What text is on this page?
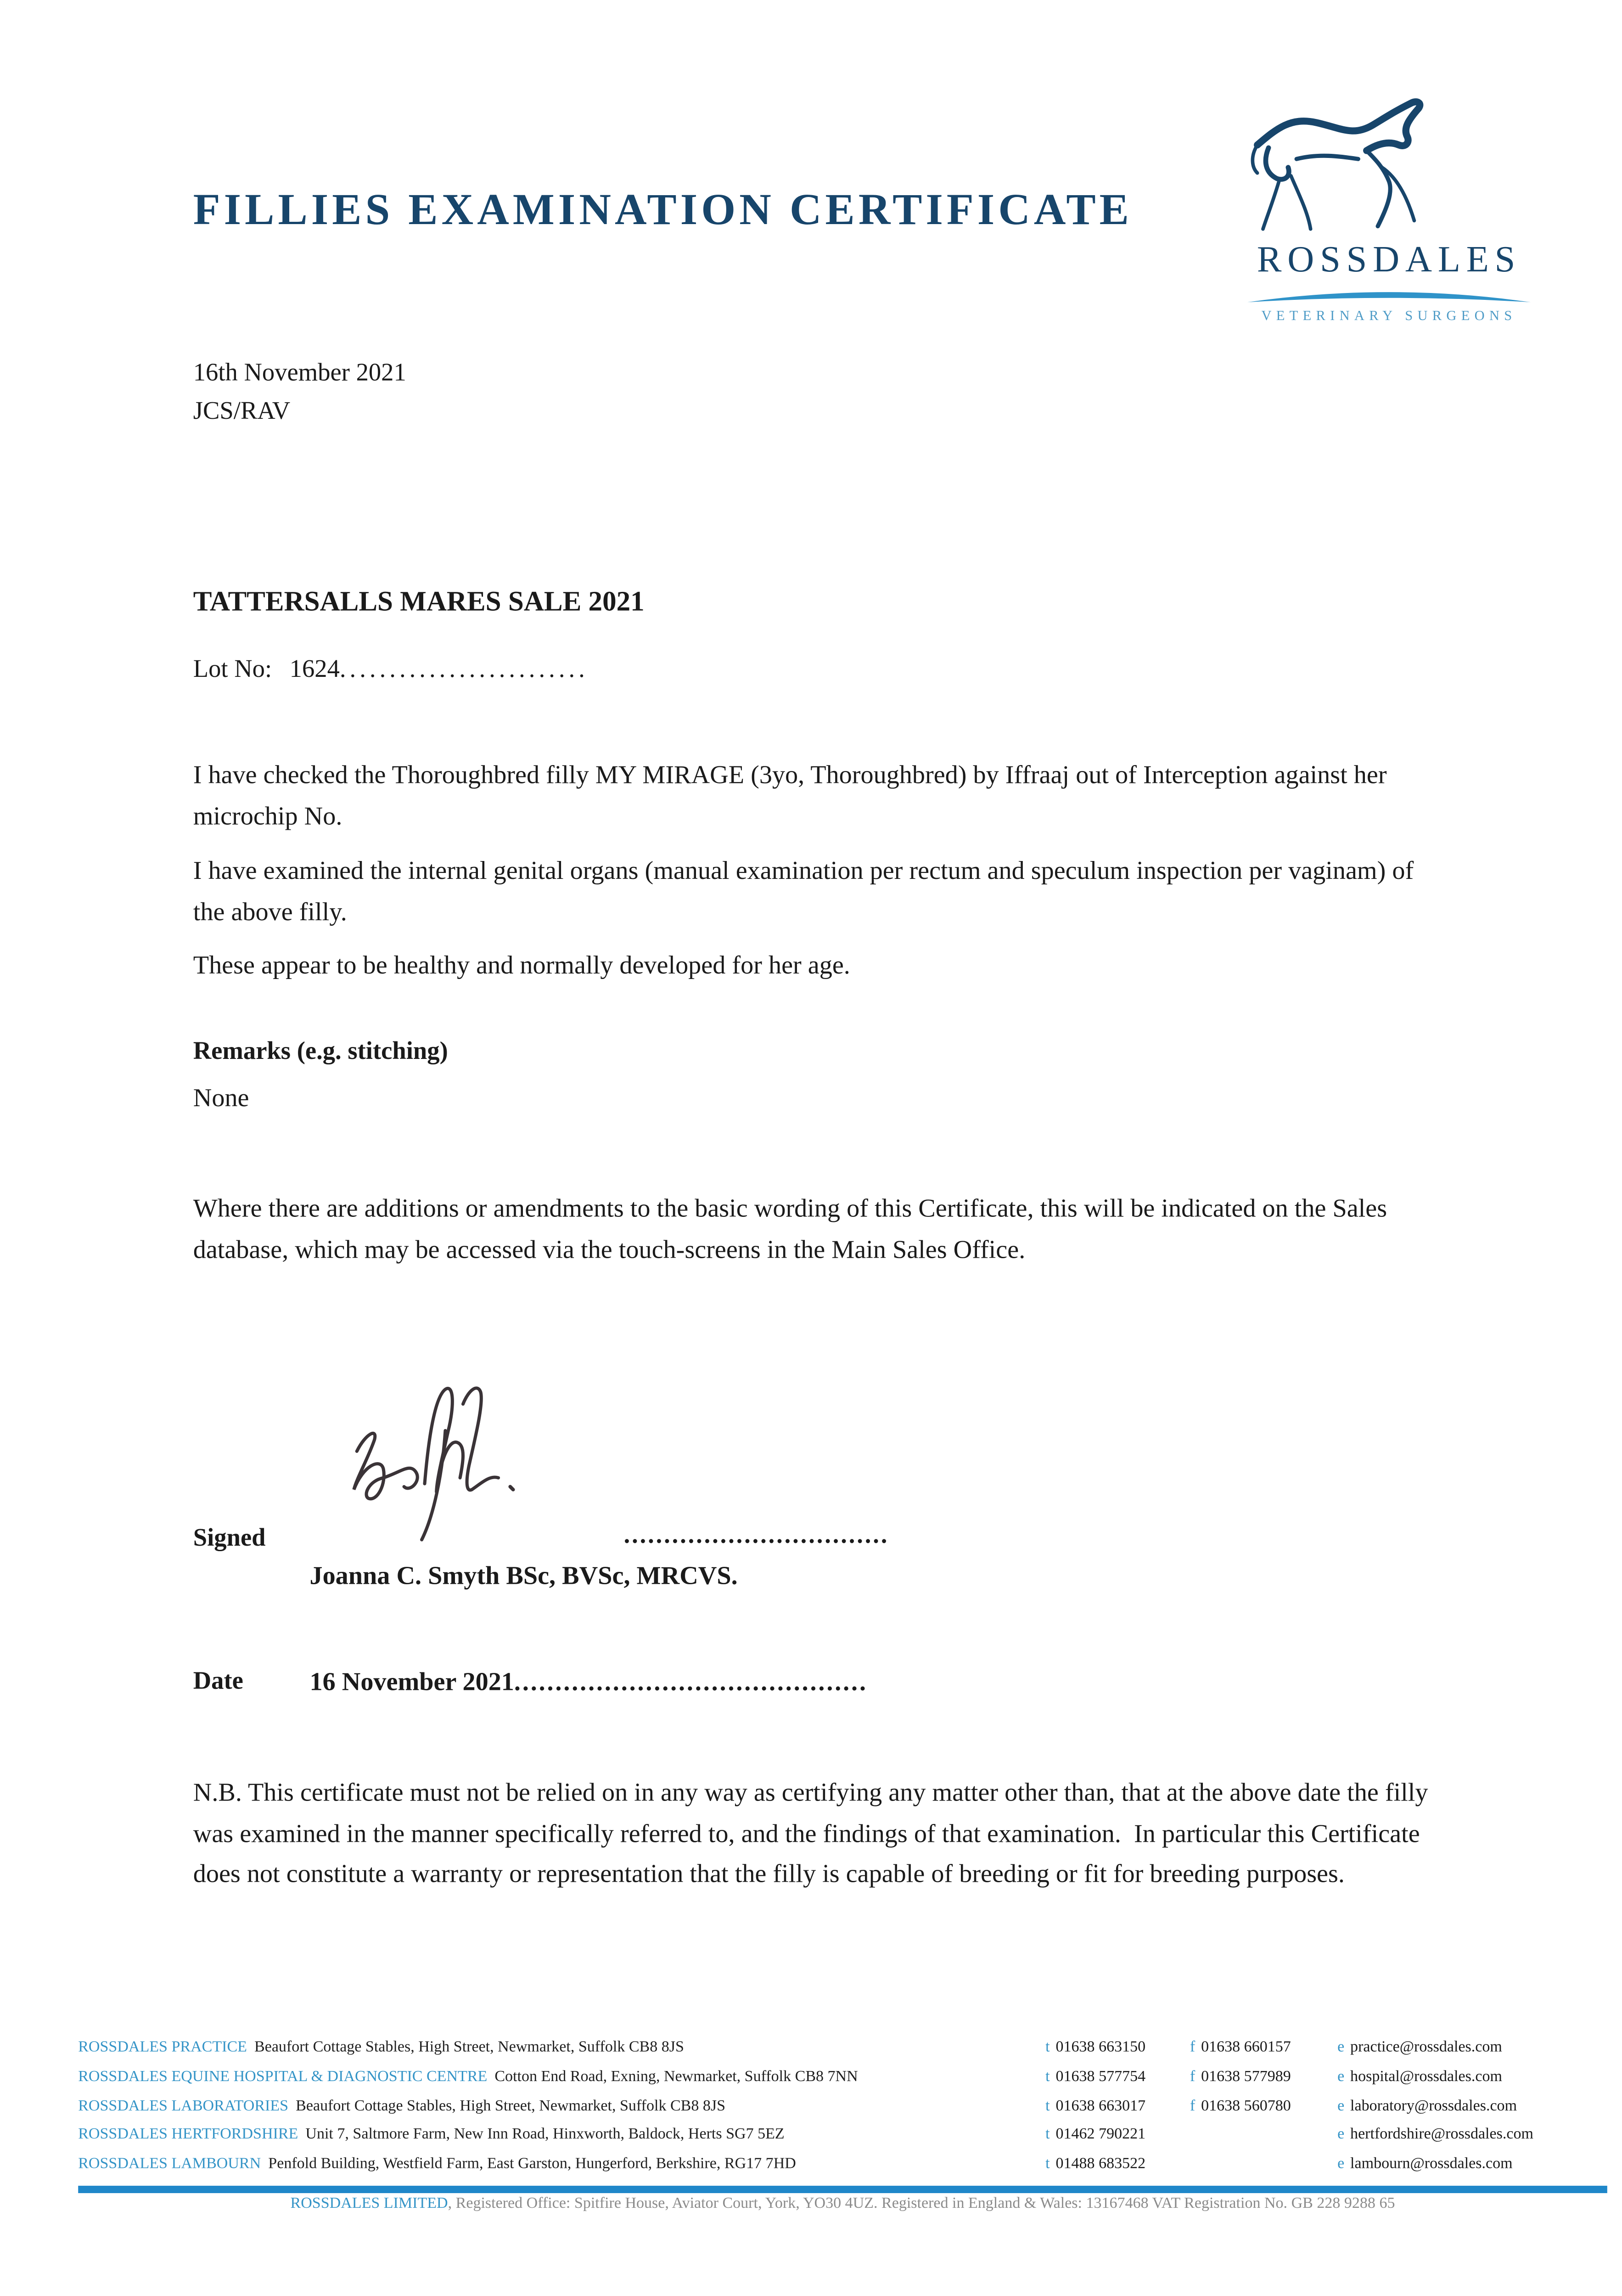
FILLIES EXAMINATION CERTIFICATE
ROSSDALES
VETERINARY SURGEONS
16th November 2021
JCS/RAV
TATTERSALLS MARES SALE 2021
Lot No: 1624.........................
I have checked the Thoroughbred filly MY MIRAGE (3yo, Thoroughbred) by Iffraaj out of Interception against her microchip No.
I have examined the internal genital organs (manual examination per rectum and speculum inspection per vaginam) of the above filly.
These appear to be healthy and normally developed for her age.
Remarks (e.g. stitching)
None
Where there are additions or amendments to the basic wording of this Certificate, this will be indicated on the Sales database, which may be accessed via the touch-screens in the Main Sales Office.
Signed	.................................
Joanna C. Smyth BSc, BVSc, MRCVS.
Date	16 November 2021...........................................
N.B. This certificate must not be relied on in any way as certifying any matter other than, that at the above date the filly was examined in the manner specifically referred to, and the findings of that examination.  In particular this Certificate does not constitute a warranty or representation that the filly is capable of breeding or fit for breeding purposes.
ROSSDALES PRACTICE Beaufort Cottage Stables, High Street, Newmarket, Suffolk CB8 8JS	t 01638 663150	f 01638 660157	e practice@rossdales.com
ROSSDALES EQUINE HOSPITAL & DIAGNOSTIC CENTRE Cotton End Road, Exning, Newmarket, Suffolk CB8 7NN	t 01638 577754	f 01638 577989	e hospital@rossdales.com
ROSSDALES LABORATORIES Beaufort Cottage Stables, High Street, Newmarket, Suffolk CB8 8JS	t 01638 663017	f 01638 560780	e laboratory@rossdales.com
ROSSDALES HERTFORDSHIRE Unit 7, Saltmore Farm, New Inn Road, Hinxworth, Baldock, Herts SG7 5EZ	t 01462 790221	e hertfordshire@rossdales.com
ROSSDALES LAMBOURN Penfold Building, Westfield Farm, East Garston, Hungerford, Berkshire, RG17 7HD	t 01488 683522	e lambourn@rossdales.com
ROSSDALES LIMITED, Registered Office: Spitfire House, Aviator Court, York, YO30 4UZ. Registered in England & Wales: 13167468 VAT Registration No. GB 228 9288 65
